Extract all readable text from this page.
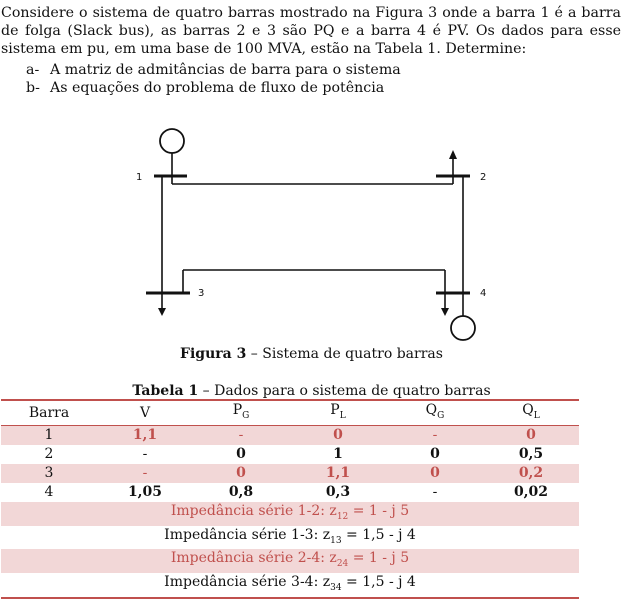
Considere o sistema de quatro barras mostrado na Figura 3 onde a barra 1 é a barra de folga (Slack bus), as barras 2 e 3 são PQ e a barra 4 é PV. Os dados para esse sistema em pu, em uma base de 100 MVA, estão na Tabela 1. Determine:

a- A matriz de admitâncias de barra para o sistema
b- As equações do problema de fluxo de potência
1	2
3	4
Figura 3 – Sistema de quatro barras
Tabela 1 – Dados para o sistema de quatro barras
Barra	V	$P_G$	$P_L$	$Q_G$	$Q_L$
1	1,1	-	0	-	0
2	-	0	1	0	0,5
3	-	0	1,1	0	0,2
4	1,05	0,8	0,3	-	0,02
Impedância série 1-2: $z_{12} = 1 - j$ 5					
Impedância série 1-3: $z_{13} = 1,5 - j$ 4					
Impedância série 2-4: $z_{24} = 1 - j$ 5					
Impedância série 3-4: $z_{34} = 1,5 - j$ 4					
